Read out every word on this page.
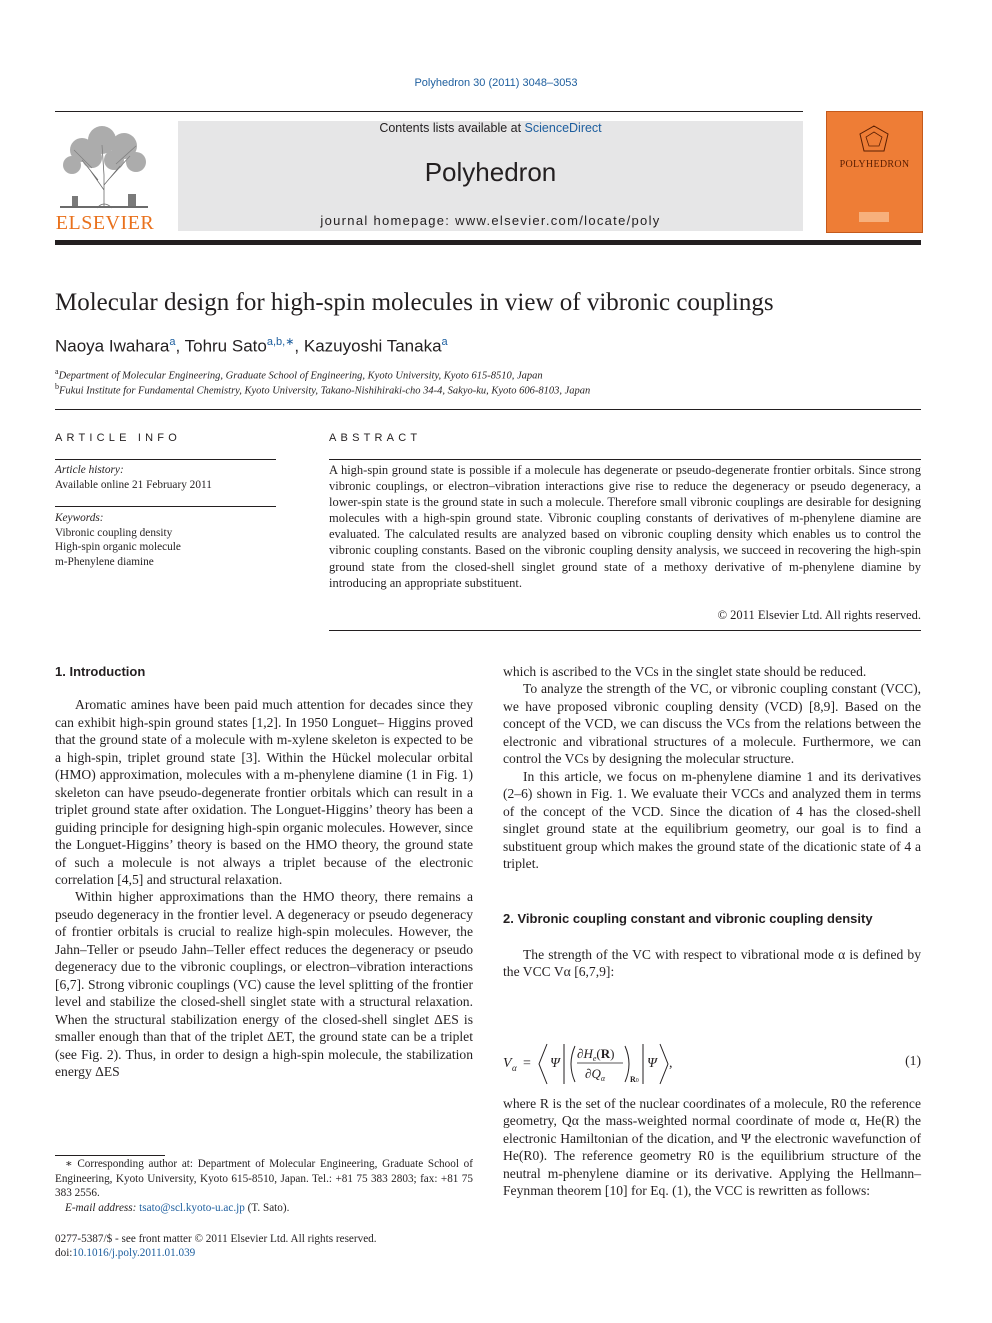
Polyhedron 30 (2011) 3048–3053
ELSEVIER
Contents lists available at ScienceDirect
Polyhedron
journal homepage: www.elsevier.com/locate/poly
POLYHEDRON
Molecular design for high-spin molecules in view of vibronic couplings
Naoya Iwahara$^a$, Tohru Sato$^{a,b,∗}$, Kazuyoshi Tanaka$^a$
$^a$Department of Molecular Engineering, Graduate School of Engineering, Kyoto University, Kyoto 615-8510, Japan
$^b$Fukui Institute for Fundamental Chemistry, Kyoto University, Takano-Nishihiraki-cho 34-4, Sakyo-ku, Kyoto 606-8103, Japan
ARTICLE INFO
Article history:
Available online 21 February 2011
Keywords:
Vibronic coupling density
High-spin organic molecule
m-Phenylene diamine
ABSTRACT
A high-spin ground state is possible if a molecule has degenerate or pseudo-degenerate frontier orbitals. Since strong vibronic couplings, or electron–vibration interactions give rise to reduce the degeneracy or pseudo degeneracy, a lower-spin state is the ground state in such a molecule. Therefore small vibronic couplings are desirable for designing molecules with a high-spin ground state. Vibronic coupling constants of derivatives of m-phenylene diamine are evaluated. The calculated results are analyzed based on vibronic coupling density which enables us to control the vibronic coupling constants. Based on the vibronic coupling density analysis, we succeed in recovering the high-spin ground state from the closed-shell singlet ground state of a methoxy derivative of m-phenylene diamine by introducing an appropriate substituent.
© 2011 Elsevier Ltd. All rights reserved.

1. Introduction

Aromatic amines have been paid much attention for decades since they can exhibit high-spin ground states [1,2]. In 1950 Longuet– Higgins proved that the ground state of a molecule with m-xylene skeleton is expected to be a high-spin, triplet ground state [3]. Within the Hückel molecular orbital (HMO) approximation, molecules with a m-phenylene diamine (1 in Fig. 1) skeleton can have pseudo-degenerate frontier orbitals which can result in a triplet ground state after oxidation. The Longuet-Higgins’ theory has been a guiding principle for designing high-spin organic molecules. However, since the Longuet-Higgins’ theory is based on the HMO theory, the ground state of such a molecule is not always a triplet because of the electronic correlation [4,5] and structural relaxation.

Within higher approximations than the HMO theory, there remains a pseudo degeneracy in the frontier level. A degeneracy or pseudo degeneracy of frontier orbitals is crucial to realize high-spin molecules. However, the Jahn–Teller or pseudo Jahn–Teller effect reduces the degeneracy or pseudo degeneracy due to the vibronic couplings, or electron–vibration interactions [6,7]. Strong vibronic couplings (VC) cause the level splitting of the frontier level and stabilize the closed-shell singlet state with a structural relaxation. When the structural stabilization energy of the closed-shell singlet ΔES is smaller enough than that of the triplet ΔET, the ground state can be a triplet (see Fig. 2). Thus, in order to design a high-spin molecule, the stabilization energy ΔES

∗ Corresponding author at: Department of Molecular Engineering, Graduate School of Engineering, Kyoto University, Kyoto 615-8510, Japan. Tel.: +81 75 383 2803; fax: +81 75 383 2556.

E-mail address: tsato@scl.kyoto-u.ac.jp (T. Sato).

0277-5387/$ - see front matter © 2011 Elsevier Ltd. All rights reserved.
doi:10.1016/j.poly.2011.01.039

which is ascribed to the VCs in the singlet state should be reduced.

To analyze the strength of the VC, or vibronic coupling constant (VCC), we have proposed vibronic coupling density (VCD) [8,9]. Based on the concept of the VCD, we can discuss the VCs from the relations between the electronic and vibrational structures of a molecule. Furthermore, we can control the VCs by designing the molecular structure.

In this article, we focus on m-phenylene diamine 1 and its derivatives (2–6) shown in Fig. 1. We evaluate their VCCs and analyzed them in terms of the concept of the VCD. Since the dication of 4 has the closed-shell singlet ground state at the equilibrium geometry, our goal is to find a substituent group which makes the ground state of the dicationic state of 4 a triplet.

2. Vibronic coupling constant and vibronic coupling density

The strength of the VC with respect to vibrational mode α is defined by the VCC Vα [6,7,9]:

V α = Ψ
$\partial H_e(R)$
$\partial Q_\alpha$	R0
Ψ ,	(1)

where R is the set of the nuclear coordinates of a molecule, R0 the reference geometry, Qα the mass-weighted normal coordinate of mode α, He(R) the electronic Hamiltonian of the dication, and Ψ the electronic wavefunction of He(R0). The reference geometry R0 is the equilibrium structure of the neutral m-phenylene diamine or its derivative. Applying the Hellmann–Feynman theorem [10] for Eq. (1), the VCC is rewritten as follows:
